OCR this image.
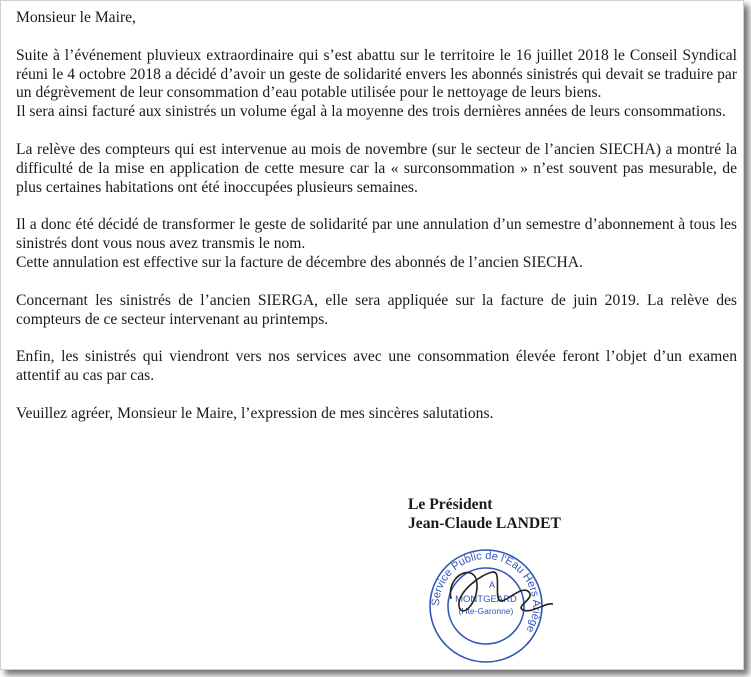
Monsieur le Maire,

Suite à l’événement pluvieux extraordinaire qui s’est abattu sur le territoire le 16 juillet 2018 le Conseil Syndical réuni le 4 octobre 2018 a décidé d’avoir un geste de solidarité envers les abonnés sinistrés qui devait se traduire par un dégrèvement de leur consommation d’eau potable utilisée pour le nettoyage de leurs biens.

Il sera ainsi facturé aux sinistrés un volume égal à la moyenne des trois dernières années de leurs consommations.

La relève des compteurs qui est intervenue au mois de novembre (sur le secteur de l’ancien SIECHA) a montré la difficulté de la mise en application de cette mesure car la « surconsommation » n’est souvent pas mesurable, de plus certaines habitations ont été inoccupées plusieurs semaines.

Il a donc été décidé de transformer le geste de solidarité par une annulation d’un semestre d’abonnement à tous les sinistrés dont vous nous avez transmis le nom.

Cette annulation est effective sur la facture de décembre des abonnés de l’ancien SIECHA.

Concernant les sinistrés de l’ancien SIERGA, elle sera appliquée sur la facture de juin 2019. La relève des compteurs de ce secteur intervenant au printemps.

Enfin, les sinistrés qui viendront vers nos services avec une consommation élevée feront l’objet d’un examen attentif au cas par cas.

Veuillez agréer, Monsieur le Maire, l’expression de mes sincères salutations.

Le Président
Jean-Claude LANDET
Service Public de l'Eau Hers Ariège
A
MONTGEARD
(Hte-Garonne)
